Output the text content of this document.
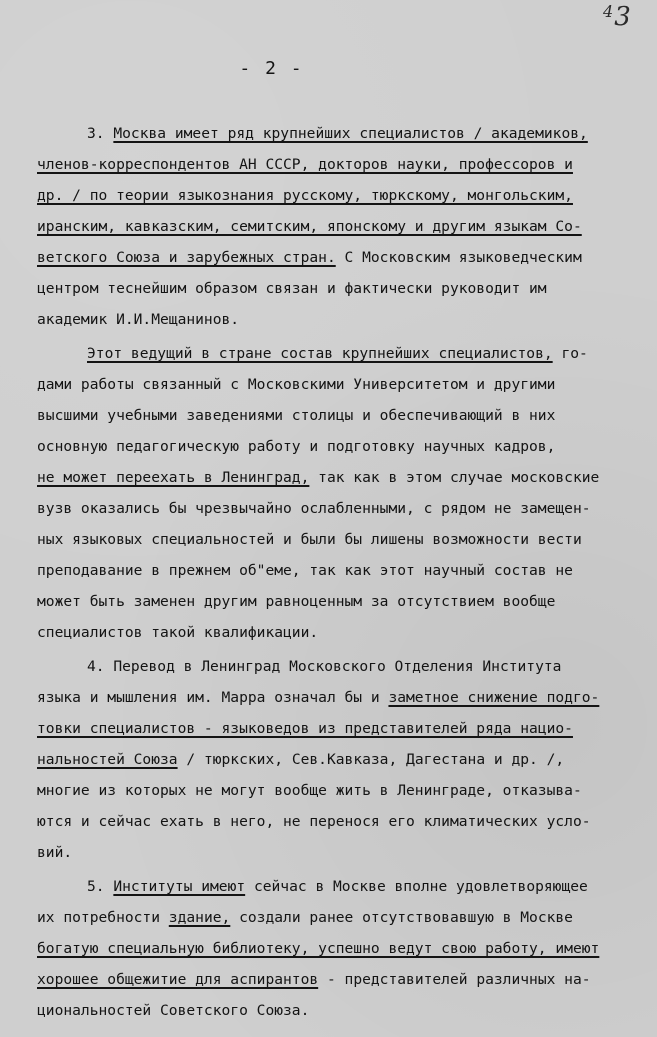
$^4$3
- 2 -
3. Москва имеет ряд крупнейших специалистов / академиков,
членов-корреспондентов АН СССР, докторов науки, профессоров и
др. / по теории языкознания русскому, тюркскому, монгольским,
иранским, кавказским, семитским, японскому и другим языкам Со-
ветского Союза и зарубежных стран. С Московским языковедческим
центром теснейшим образом связан и фактически руководит им
академик И.И.Мещанинов.
Этот ведущий в стране состав крупнейших специалистов, го-
дами работы связанный с Московскими Университетом и другими
высшими учебными заведениями столицы и обеспечивающий в них
основную педагогическую работу и подготовку научных кадров,
не может переехать в Ленинград, так как в этом случае московские
вузв оказались бы чрезвычайно ослабленными, с рядом не замещен-
ных языковых специальностей и были бы лишены возможности вести
преподавание в прежнем об"еме, так как этот научный состав не
может быть заменен другим равноценным за отсутствием вообще
специалистов такой квалификации.
4. Перевод в Ленинград Московского Отделения Института
языка и мышления им. Марра означал бы и заметное снижение подго-
товки специалистов - языковедов из представителей ряда нацио-
нальностей Союза / тюркских, Сев.Кавказа, Дагестана и др. /,
многие из которых не могут вообще жить в Ленинграде, отказыва-
ются и сейчас ехать в него, не перенося его климатических усло-
вий.
5. Институты имеют сейчас в Москве вполне удовлетворяющее
их потребности здание, создали ранее отсутствовавшую в Москве
богатую специальную библиотеку, успешно ведут свою работу, имеют
хорошее общежитие для аспирантов - представителей различных на-
циональностей Советского Союза.
